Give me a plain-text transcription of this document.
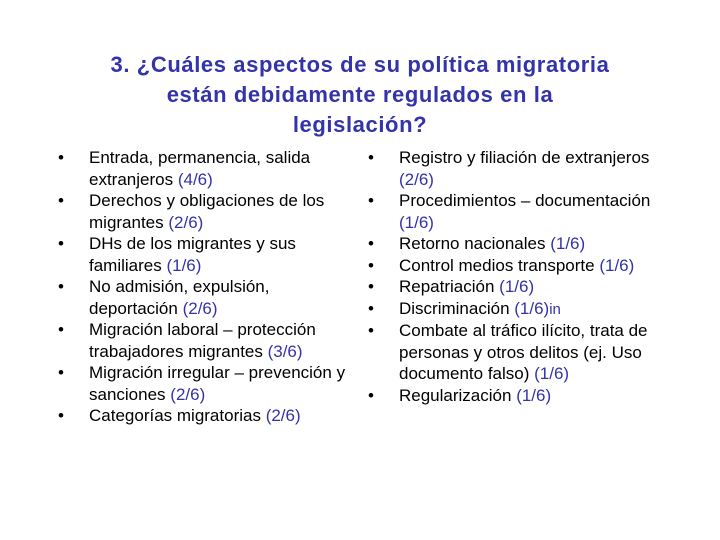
3. ¿Cuáles aspectos de su política migratoria
están debidamente regulados en la
legislación?
•	Entrada, permanencia, salida extranjeros (4/6)
•	Derechos y obligaciones de los migrantes (2/6)
•	DHs de los migrantes y sus familiares (1/6)
•	No admisión, expulsión, deportación (2/6)
•	Migración laboral – protección trabajadores migrantes (3/6)
•	Migración irregular – prevención y sanciones (2/6)
•	Categorías migratorias (2/6)
•	Registro y filiación de extranjeros (2/6)
•	Procedimientos – documentación (1/6)
•	Retorno nacionales (1/6)
•	Control medios transporte (1/6)
•	Repatriación (1/6)
•	Discriminación (1/6)in
•	Combate al tráfico ilícito, trata de personas y otros delitos (ej. Uso documento falso) (1/6)
•	Regularización (1/6)
